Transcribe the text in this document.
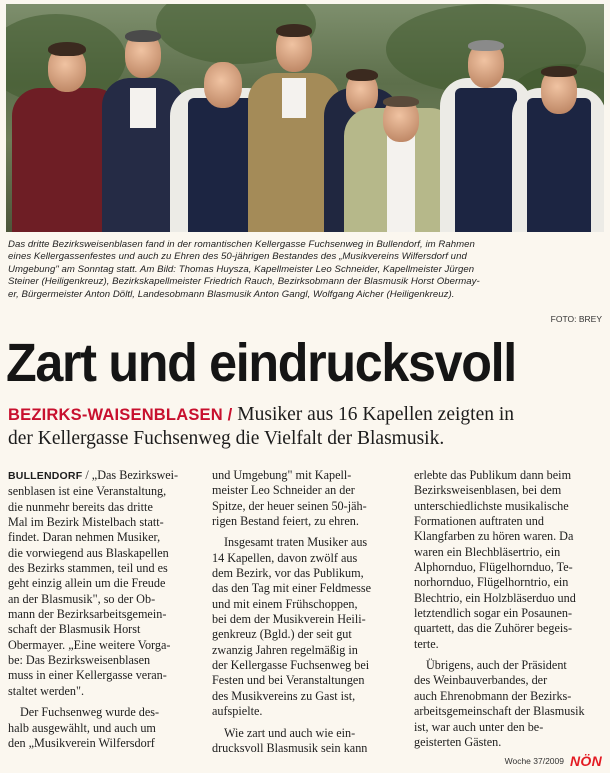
Das dritte Bezirksweisenblasen fand in der romantischen Kellergasse Fuchsenweg in Bullendorf, im Rahmen

eines Kellergassenfestes und auch zu Ehren des 50-jährigen Bestandes des „Musikvereins Wilfersdorf und

Umgebung" am Sonntag statt. Am Bild: Thomas Huysza, Kapellmeister Leo Schneider, Kapellmeister Jürgen

Steiner (Heiligenkreuz), Bezirkskapellmeister Friedrich Rauch, Bezirksobmann der Blasmusik Horst Obermay-

er, Bürgermeister Anton Döltl, Landesobmann Blasmusik Anton Gangl, Wolfgang Aicher (Heiligenkreuz).

FOTO: BREY
Zart und eindrucksvoll

BEZIRKS-WAISENBLASEN / Musiker aus 16 Kapellen zeigten in

der Kellergasse Fuchsenweg die Vielfalt der Blasmusik.

BULLENDORF / „Das Bezirkswei-

senblasen ist eine Veranstaltung,

die nunmehr bereits das dritte

Mal im Bezirk Mistelbach statt-

findet. Daran nehmen Musiker,

die vorwiegend aus Blaskapellen

des Bezirks stammen, teil und es

geht einzig allein um die Freude

an der Blasmusik", so der Ob-

mann der Bezirksarbeitsgemein-

schaft der Blasmusik Horst

Obermayer. „Eine weitere Vorga-

be: Das Bezirksweisenblasen

muss in einer Kellergasse veran-

staltet werden".

Der Fuchsenweg wurde des-

halb ausgewählt, und auch um

den „Musikverein Wilfersdorf

und Umgebung" mit Kapell-

meister Leo Schneider an der

Spitze, der heuer seinen 50-jäh-

rigen Bestand feiert, zu ehren.

Insgesamt traten Musiker aus

14 Kapellen, davon zwölf aus

dem Bezirk, vor das Publikum,

das den Tag mit einer Feldmesse

und mit einem Frühschoppen,

bei dem der Musikverein Heili-

genkreuz (Bgld.) der seit gut

zwanzig Jahren regelmäßig in

der Kellergasse Fuchsenweg bei

Festen und bei Veranstaltungen

des Musikvereins zu Gast ist,

aufspielte.

Wie zart und auch wie ein-

drucksvoll Blasmusik sein kann

erlebte das Publikum dann beim

Bezirksweisenblasen, bei dem

unterschiedlichste musikalische

Formationen auftraten und

Klangfarben zu hören waren. Da

waren ein Blechbläsertrio, ein

Alphornduo, Flügelhornduo, Te-

norhornduo, Flügelhorntrio, ein

Blechtrio, ein Holzbläserduo und

letztendlich sogar ein Posaunen-

quartett, das die Zuhörer begeis-

terte.

Übrigens, auch der Präsident

des Weinbauverbandes, der

auch Ehrenobmann der Bezirks-

arbeitsgemeinschaft der Blasmusik

ist, war auch unter den be-

geisterten Gästen.

Woche 37/2009 NÖN
